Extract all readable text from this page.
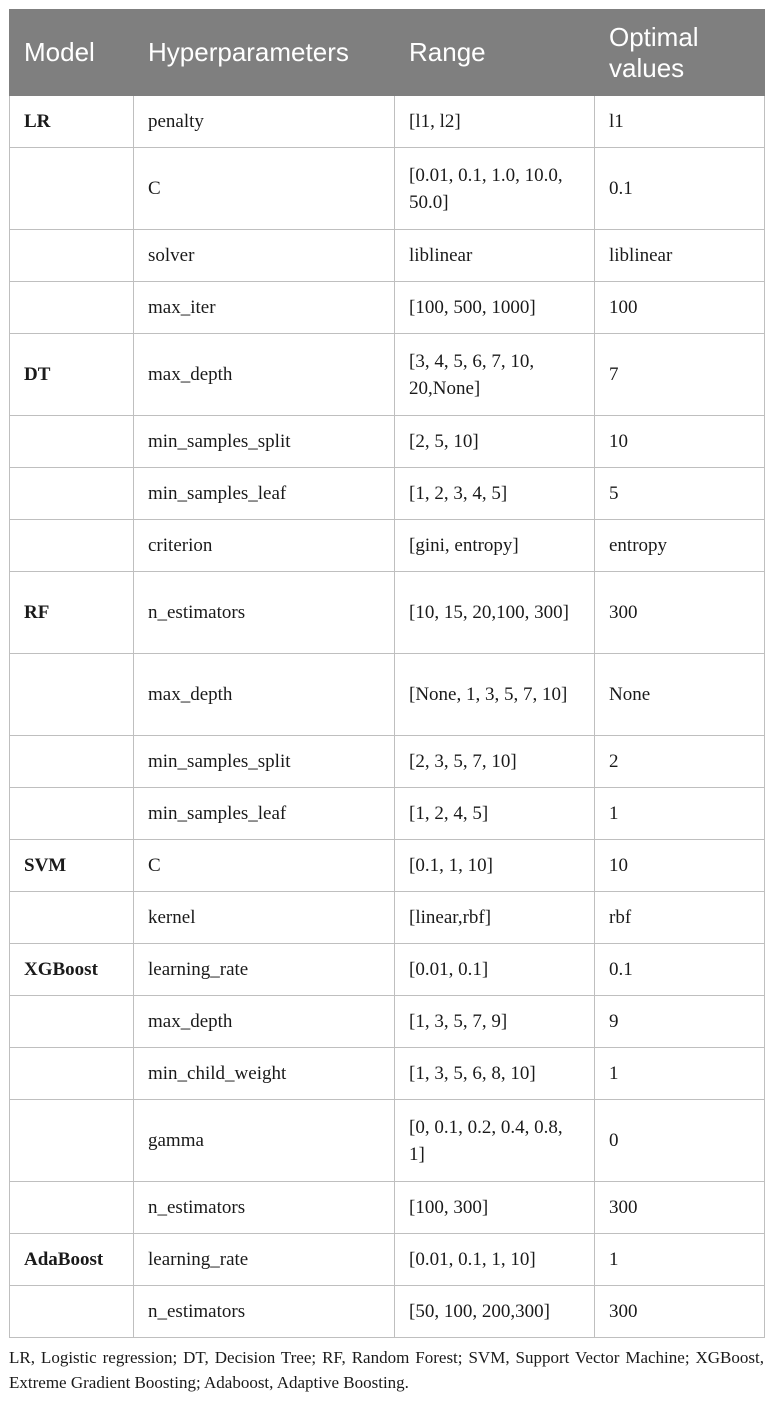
Model	Hyperparameters	Range	Optimal values
LR	penalty	[l1, l2]	l1
	C	[0.01, 0.1, 1.0, 10.0, 50.0]	0.1
	solver	liblinear	liblinear
	max_iter	[100, 500, 1000]	100
DT	max_depth	[3, 4, 5, 6, 7, 10, 20,None]	7
	min_samples_split	[2, 5, 10]	10
	min_samples_leaf	[1, 2, 3, 4, 5]	5
	criterion	[gini, entropy]	entropy
RF	n_estimators	[10, 15, 20,100, 300]	300
	max_depth	[None, 1, 3, 5, 7, 10]	None
	min_samples_split	[2, 3, 5, 7, 10]	2
	min_samples_leaf	[1, 2, 4, 5]	1
SVM	C	[0.1, 1, 10]	10
	kernel	[linear,rbf]	rbf
XGBoost	learning_rate	[0.01, 0.1]	0.1
	max_depth	[1, 3, 5, 7, 9]	9
	min_child_weight	[1, 3, 5, 6, 8, 10]	1
	gamma	[0, 0.1, 0.2, 0.4, 0.8, 1]	0
	n_estimators	[100, 300]	300
AdaBoost	learning_rate	[0.01, 0.1, 1, 10]	1
	n_estimators	[50, 100, 200,300]	300
LR, Logistic regression; DT, Decision Tree; RF, Random Forest; SVM, Support Vector Machine; XGBoost, Extreme Gradient Boosting; Adaboost, Adaptive Boosting.
